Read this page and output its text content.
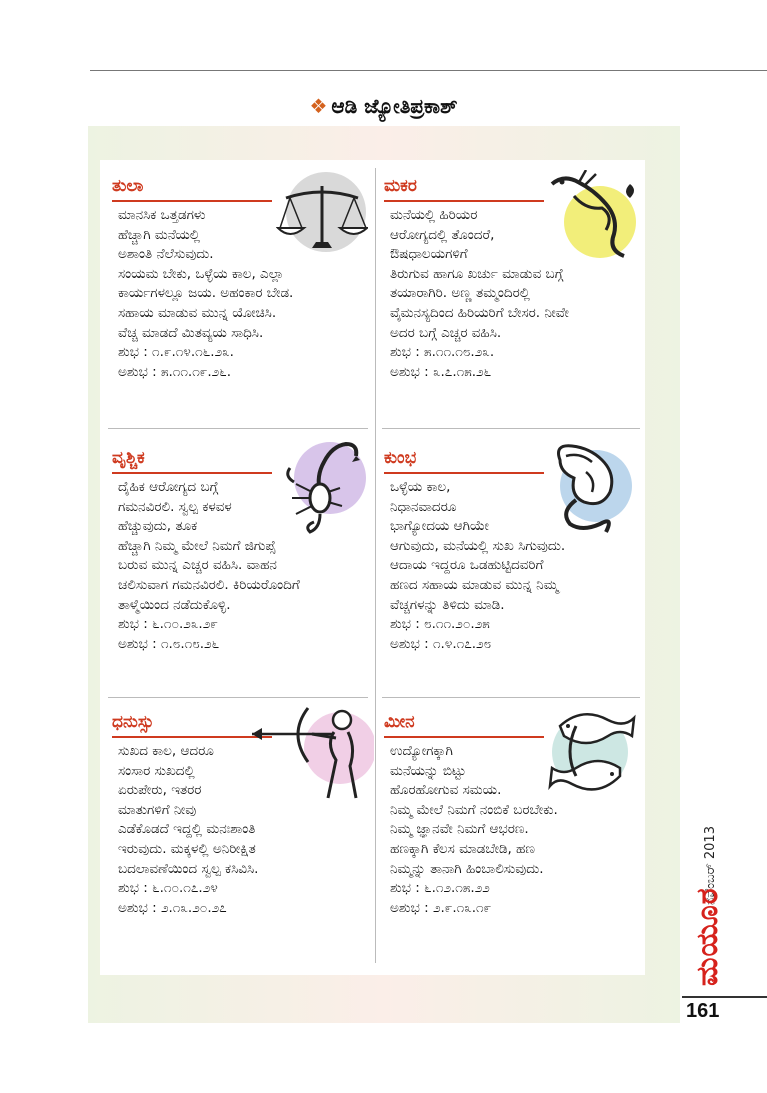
❖ ಆಡಿ ಜ್ಯೋತಿಪ್ರಕಾಶ್
ತುಲಾ
ಮಾನಸಿಕ ಒತ್ತಡಗಳು
ಹೆಚ್ಚಾಗಿ ಮನೆಯಲ್ಲಿ
ಅಶಾಂತಿ ನೆಲೆಸುವುದು.
ಸಂಯಮ ಬೇಕು, ಒಳ್ಳೆಯ ಕಾಲ, ಎಲ್ಲಾ
ಕಾರ್ಯಗಳಲ್ಲೂ ಜಯ. ಅಹಂಕಾರ ಬೇಡ.
ಸಹಾಯ ಮಾಡುವ ಮುನ್ನ ಯೋಚಿಸಿ.
ವೆಚ್ಚ ಮಾಡದೆ ಮಿತವ್ಯಯ ಸಾಧಿಸಿ.
ಶುಭ : ೧.೯.೧೪.೧೬.೨೩.
ಅಶುಭ : ೫.೧೧.೧೯.೨೬.
ಮಕರ
ಮನೆಯಲ್ಲಿ ಹಿರಿಯರ
ಆರೋಗ್ಯದಲ್ಲಿ ತೊಂದರೆ,
ಔಷಧಾಲಯಗಳಿಗೆ
ತಿರುಗುವ ಹಾಗೂ ಖರ್ಚು ಮಾಡುವ ಬಗ್ಗೆ
ತಯಾರಾಗಿರಿ. ಅಣ್ಣ ತಮ್ಮಂದಿರಲ್ಲಿ
ವೈಮನಸ್ಯದಿಂದ ಹಿರಿಯರಿಗೆ ಬೇಸರ. ನೀವೇ
ಅದರ ಬಗ್ಗೆ ಎಚ್ಚರ ವಹಿಸಿ.
ಶುಭ : ೫.೧೧.೧೮.೨೩.
ಅಶುಭ : ೩.೭.೧೫.೨೬
ವೃಶ್ಚಿಕ
ದೈಹಿಕ ಆರೋಗ್ಯದ ಬಗ್ಗೆ
ಗಮನವಿರಲಿ. ಸ್ವಲ್ಪ ಕಳವಳ
ಹೆಚ್ಚುವುದು, ತೂಕ
ಹೆಚ್ಚಾಗಿ ನಿಮ್ಮ ಮೇಲೆ ನಿಮಗೆ ಜಿಗುಪ್ಸೆ
ಬರುವ ಮುನ್ನ ಎಚ್ಚರ ವಹಿಸಿ. ವಾಹನ
ಚಲಿಸುವಾಗ ಗಮನವಿರಲಿ. ಕಿರಿಯರೊಂದಿಗೆ
ತಾಳ್ಮೆಯಿಂದ ನಡೆದುಕೊಳ್ಳಿ.
ಶುಭ : ೬.೧೦.೨೩.೨೯
ಅಶುಭ : ೧.೮.೧೮.೨೬
ಕುಂಭ
ಒಳ್ಳೆಯ ಕಾಲ,
ನಿಧಾನವಾದರೂ
ಭಾಗ್ಯೋದಯ ಆಗಿಯೇ
ಆಗುವುದು, ಮನೆಯಲ್ಲಿ ಸುಖ ಸಿಗುವುದು.
ಆದಾಯ ಇದ್ದರೂ ಒಡಹುಟ್ಟಿದವರಿಗೆ
ಹಣದ ಸಹಾಯ ಮಾಡುವ ಮುನ್ನ ನಿಮ್ಮ
ವೆಚ್ಚಗಳನ್ನು ತಿಳಿದು ಮಾಡಿ.
ಶುಭ : ೮.೧೧.೨೦.೨೫
ಅಶುಭ : ೧.೪.೧೭.೨೮
ಧನುಸ್ಸು
ಸುಖದ ಕಾಲ, ಆದರೂ
ಸಂಸಾರ ಸುಖದಲ್ಲಿ
ಏರುಪೇರು, ಇತರರ
ಮಾತುಗಳಿಗೆ ನೀವು
ಎಡೆಕೊಡದೆ ಇದ್ದಲ್ಲಿ ಮನಃಶಾಂತಿ
ಇರುವುದು. ಮಕ್ಕಳಲ್ಲಿ ಅನಿರೀಕ್ಷಿತ
ಬದಲಾವಣೆಯಿಂದ ಸ್ವಲ್ಪ ಕಸಿವಿಸಿ.
ಶುಭ : ೬.೧೦.೧೭.೨೪
ಅಶುಭ : ೨.೧೩.೨೦.೨೭
ಮೀನ
ಉದ್ಯೋಗಕ್ಕಾಗಿ
ಮನೆಯನ್ನು ಬಿಟ್ಟು
ಹೊರಹೋಗುವ ಸಮಯ.
ನಿಮ್ಮ ಮೇಲೆ ನಿಮಗೆ ನಂಬಿಕೆ ಬರಬೇಕು.
ನಿಮ್ಮ ಜ್ಞಾನವೇ ನಿಮಗೆ ಆಭರಣ.
ಹಣಕ್ಕಾಗಿ ಕೆಲಸ ಮಾಡಬೇಡಿ, ಹಣ
ನಿಮ್ಮನ್ನು ತಾನಾಗಿ ಹಿಂಬಾಲಿಸುವುದು.
ಶುಭ : ೬.೧೨.೧೫.೨೨
ಅಶುಭ : ೨.೯.೧೩.೧೯
ನವೆಂಬರ್ 2013
ಮಯೂರ
161
